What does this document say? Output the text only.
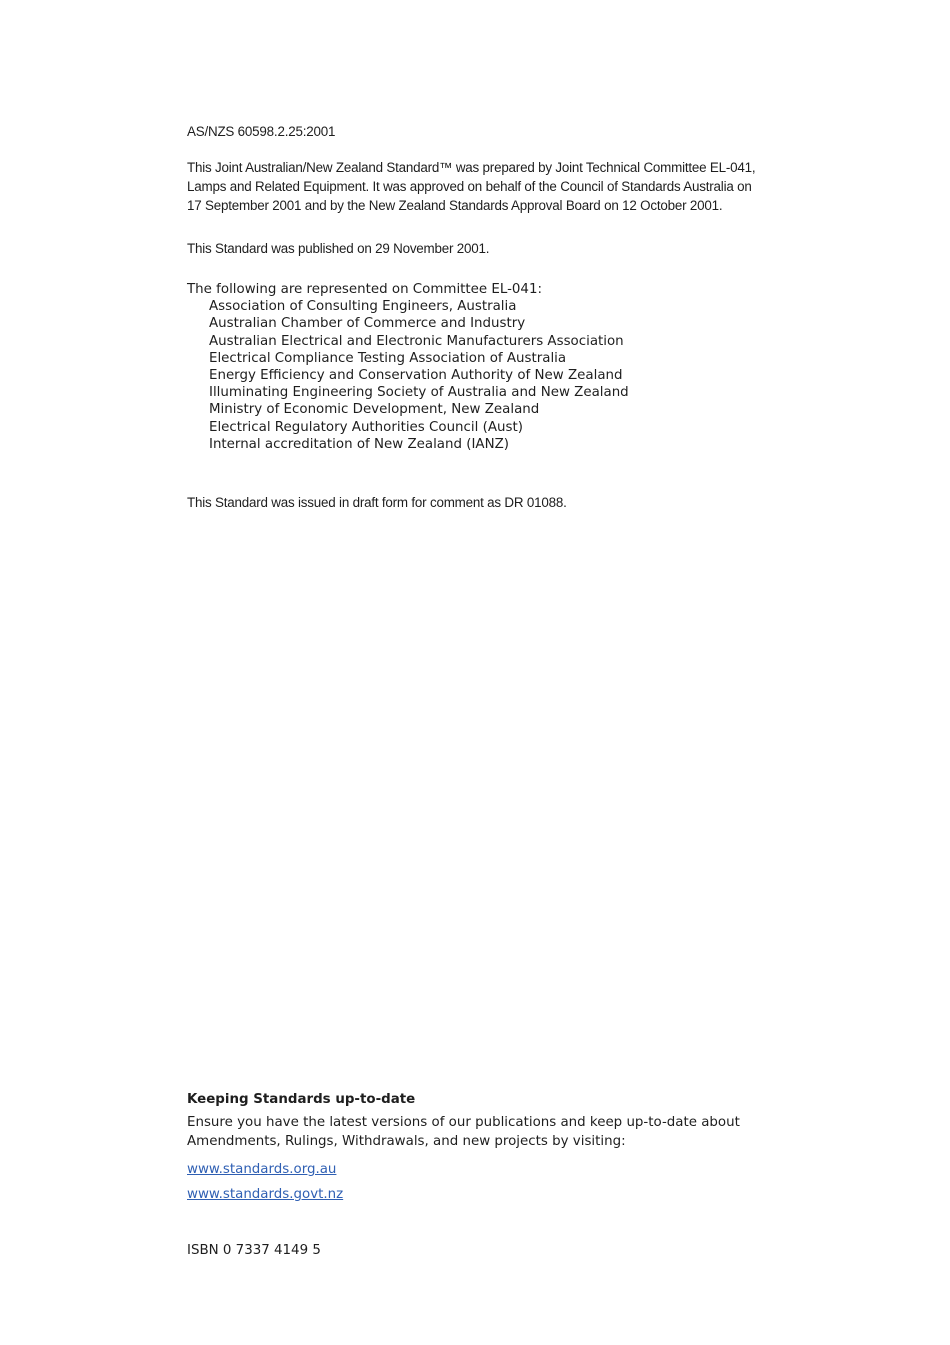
AS/NZS 60598.2.25:2001
This Joint Australian/New Zealand Standard™ was prepared by Joint Technical Committee EL-041, Lamps and Related Equipment. It was approved on behalf of the Council of Standards Australia on 17 September 2001 and by the New Zealand Standards Approval Board on 12 October 2001.
This Standard was published on 29 November 2001.
The following are represented on Committee EL-041:
Association of Consulting Engineers, Australia
Australian Chamber of Commerce and Industry
Australian Electrical and Electronic Manufacturers Association
Electrical Compliance Testing Association of Australia
Energy Efficiency and Conservation Authority of New Zealand
Illuminating Engineering Society of Australia and New Zealand
Ministry of Economic Development, New Zealand
Electrical Regulatory Authorities Council (Aust)
Internal accreditation of New Zealand (IANZ)
This Standard was issued in draft form for comment as DR 01088.
Keeping Standards up-to-date

Ensure you have the latest versions of our publications and keep up-to-date about Amendments, Rulings, Withdrawals, and new projects by visiting:

www.standards.org.au
www.standards.govt.nz
ISBN 0 7337 4149 5
